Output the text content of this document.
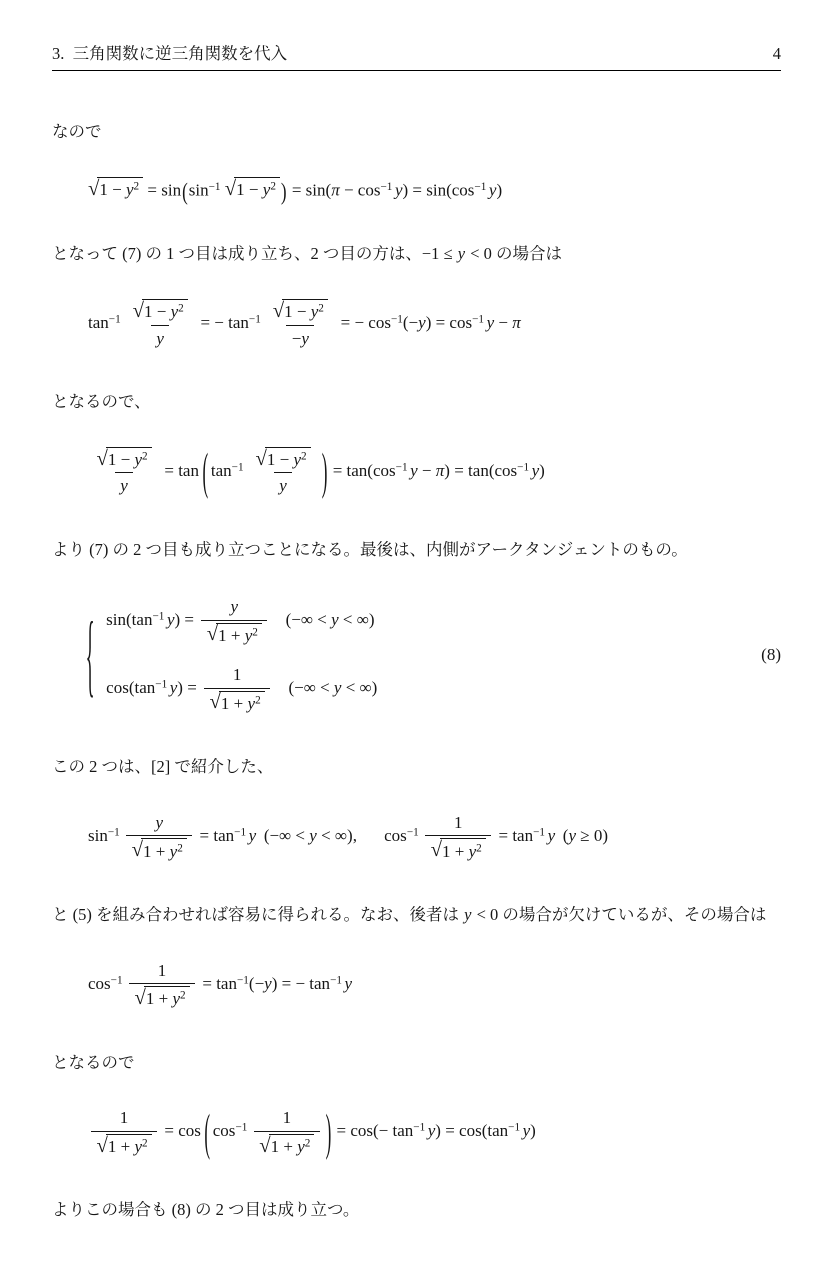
3.  三角関数に逆三角関数を代入	4

なので

√ $1 - y^2 = \sin(\sin^{-1}$ √ $1 - y^2$ ) = $\sin(\pi - \cos^{-1} y) = \sin(\cos^{-1}$ y)

となって (7) の 1 つ目は成り立ち、2 つ目の方は、−1 ≤ y < 0 の場合は

$\tan^{-1} \frac{√ 1 - y^2}{y}$ = − $\tan^{-1} \frac{√ 1 - y^2}{-y}$ = − $\cos^{-1}(-y) = \cos^{-1} y - \pi$

となるので、

$\frac{√ 1 - y^2}{y} = \tan$ ( $\tan^{-1} \frac{√ 1 - y^2}{y}$ ) = $\tan(\cos^{-1}$ $y - \pi) = \tan(\cos^{-1}$ y)

より (7) の 2 つ目も成り立つことになる。最後は、内側がアークタンジェントのもの。

{ $\sin(\tan^{-1}$ $y) = \frac{y}{√ 1 + y^2}$ (−∞ < y < ∞)
$\cos(\tan^{-1}$ $y) = \frac{1}{√ 1 + y^2}$ (−∞ < y < ∞)
(8)

この 2 つは、[2] で紹介した、

$\sin^{-1} \frac{y}{√ 1 + y^2} = \tan^{-1} y$ (−∞ < y < ∞), $\cos^{-1} \frac{1}{√ 1 + y^2} = \tan^{-1} y$ (y ≥ 0)

と (5) を組み合わせれば容易に得られる。なお、後者は y < 0 の場合が欠けているが、その場合は

$\cos^{-1} \frac{1}{√ 1 + y^2} = \tan^{-1}(-y)$ = − $\tan^{-1} y$

となるので

$\frac{1}{√ 1 + y^2} = \cos$ ( $\cos^{-1} \frac{1}{√ 1 + y^2}$ ) = $\cos(- \tan^{-1} y) = \cos(\tan^{-1}$ y)

よりこの場合も (8) の 2 つ目は成り立つ。
